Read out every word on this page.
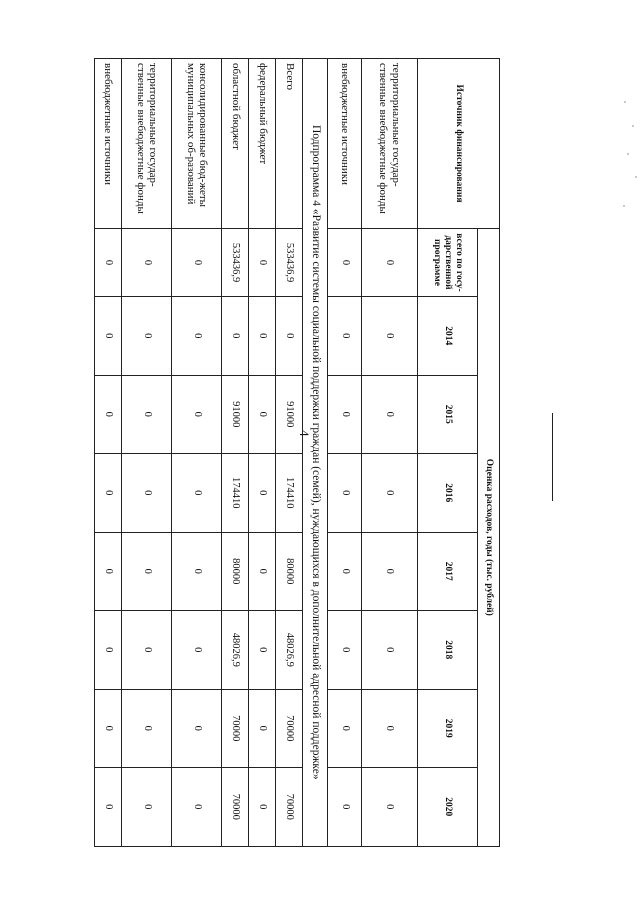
4
Источник финансирования	Оценка расходов, годы (тыс. рублей)							
	всего по госу-дарственной программе	2014	2015	2016	2017	2018	2019	2020
территориальные государ-ственные внебюджетные фонды	0	0	0	0	0	0	0	0
внебюджетные источники	0	0	0	0	0	0	0	0
Подпрограмма 4 «Развитие системы социальной поддержки граждан (семей), нуждающихся в дополнительной адресной поддержке»								
Всего	533436,9	0	91000	174410	80000	48026,9	70000	70000
федеральный бюджет	0	0	0	0	0	0	0	0
областной бюджет	533436,9	0	91000	174410	80000	48026,9	70000	70000
консолидированные бюд-жеты муниципальных об-разований	0	0	0	0	0	0	0	0
территориальные государ-ственные внебюджетные фонды	0	0	0	0	0	0	0	0
внебюджетные источники	0	0	0	0	0	0	0	0
